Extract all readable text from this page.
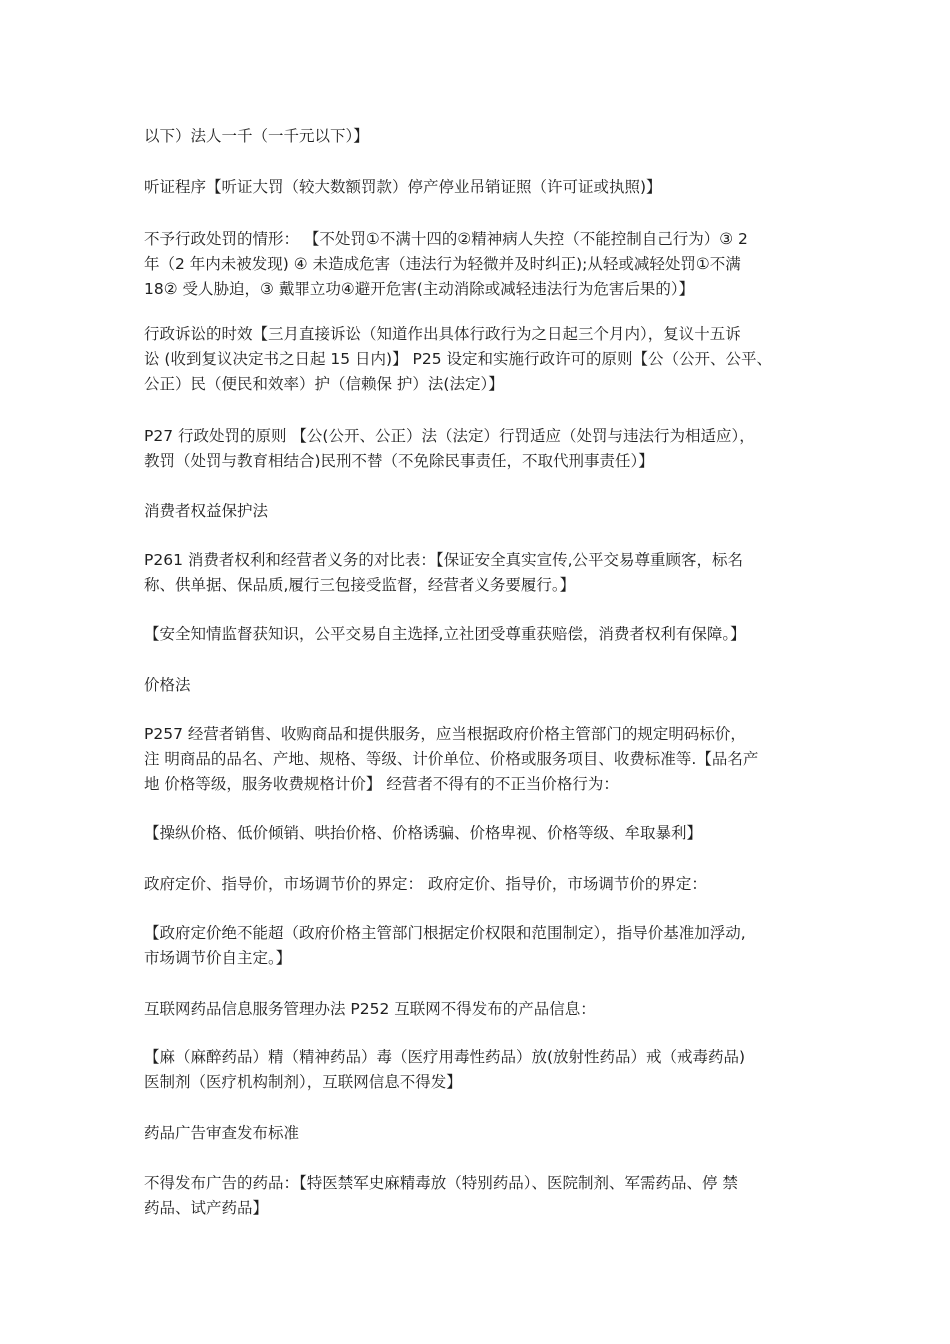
以下）法人一千（一千元以下）】

听证程序【听证大罚（较大数额罚款）停产停业吊销证照（许可证或执照)】

不予行政处罚的情形： 【不处罚①不满十四的②精神病人失控（不能控制自己行为）③ 2
年（2 年内未被发现) ④ 未造成危害（违法行为轻微并及时纠正);从轻或减轻处罚①不满
18② 受人胁迫，③ 戴罪立功④避开危害(主动消除或减轻违法行为危害后果的）】

行政诉讼的时效【三月直接诉讼（知道作出具体行政行为之日起三个月内），复议十五诉
讼 (收到复议决定书之日起 15 日内)】 P25 设定和实施行政许可的原则【公（公开、公平、
公正）民（便民和效率）护（信赖保 护）法(法定）】

P27 行政处罚的原则 【公(公开、公正）法（法定）行罚适应（处罚与违法行为相适应），
教罚（处罚与教育相结合)民刑不替（不免除民事责任，不取代刑事责任）】

消费者权益保护法

P261 消费者权利和经营者义务的对比表：【保证安全真实宣传,公平交易尊重顾客，标名
称、供单据、保品质,履行三包接受监督，经营者义务要履行。】

【安全知情监督获知识，公平交易自主选择,立社团受尊重获赔偿，消费者权利有保障。】

价格法

P257 经营者销售、收购商品和提供服务，应当根据政府价格主管部门的规定明码标价，
注 明商品的品名、产地、规格、等级、计价单位、价格或服务项目、收费标准等.【品名产
地 价格等级，服务收费规格计价】 经营者不得有的不正当价格行为：

【操纵价格、低价倾销、哄抬价格、价格诱骗、价格卑视、价格等级、牟取暴利】

政府定价、指导价，市场调节价的界定： 政府定价、指导价，市场调节价的界定：

【政府定价绝不能超（政府价格主管部门根据定价权限和范围制定），指导价基准加浮动,
市场调节价自主定。】

互联网药品信息服务管理办法 P252 互联网不得发布的产品信息：

【麻（麻醉药品）精（精神药品）毒（医疗用毒性药品）放(放射性药品）戒（戒毒药品)
医制剂（医疗机构制剂），互联网信息不得发】

药品广告审查发布标准

不得发布广告的药品：【特医禁军史麻精毒放（特别药品）、医院制剂、军需药品、停 禁
药品、试产药品】
